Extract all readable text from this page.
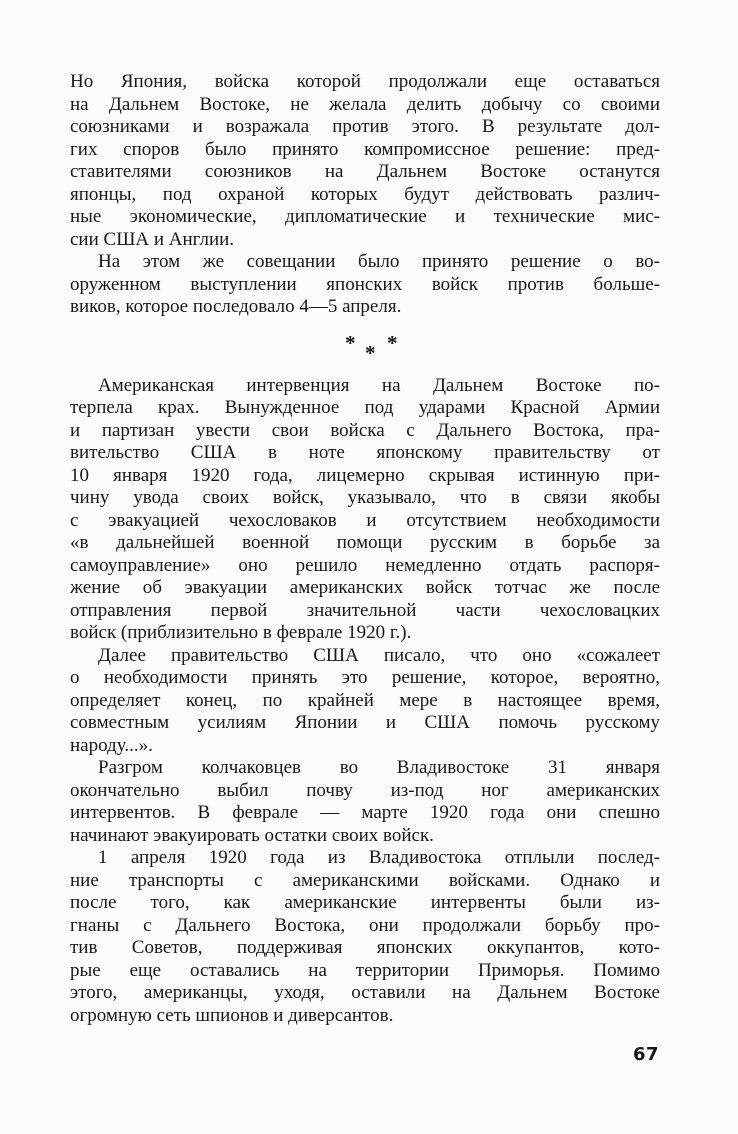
Но Япония, войска которой продолжали еще оставаться
на Дальнем Востоке, не желала делить добычу со своими
союзниками и возражала против этого. В результате дол-
гих споров было принято компромиссное решение: пред-
ставителями союзников на Дальнем Востоке останутся
японцы, под охраной которых будут действовать различ-
ные экономические, дипломатические и технические мис-
сии США и Англии.

На этом же совещании было принято решение о во-
оруженном выступлении японских войск против больше-
виков, которое последовало 4—5 апреля.

* *
*

Американская интервенция на Дальнем Востоке по-
терпела крах. Вынужденное под ударами Красной Армии
и партизан увести свои войска с Дальнего Востока, пра-
вительство США в ноте японскому правительству от
10 января 1920 года, лицемерно скрывая истинную при-
чину увода своих войск, указывало, что в связи якобы
с эвакуацией чехословаков и отсутствием необходимости
«в дальнейшей военной помощи русским в борьбе за
самоуправление» оно решило немедленно отдать распоря-
жение об эвакуации американских войск тотчас же после
отправления первой значительной части чехословацких
войск (приблизительно в феврале 1920 г.).

Далее правительство США писало, что оно «сожалеет
о необходимости принять это решение, которое, вероятно,
определяет конец, по крайней мере в настоящее время,
совместным усилиям Японии и США помочь русскому
народу...».

Разгром колчаковцев во Владивостоке 31 января
окончательно выбил почву из-под ног американских
интервентов. В феврале — марте 1920 года они спешно
начинают эвакуировать остатки своих войск.

1 апреля 1920 года из Владивостока отплыли послед-
ние транспорты с американскими войсками. Однако и
после того, как американские интервенты были из-
гнаны с Дальнего Востока, они продолжали борьбу про-
тив Советов, поддерживая японских оккупантов, кото-
рые еще оставались на территории Приморья. Помимо
этого, американцы, уходя, оставили на Дальнем Востоке
огромную сеть шпионов и диверсантов.

67
